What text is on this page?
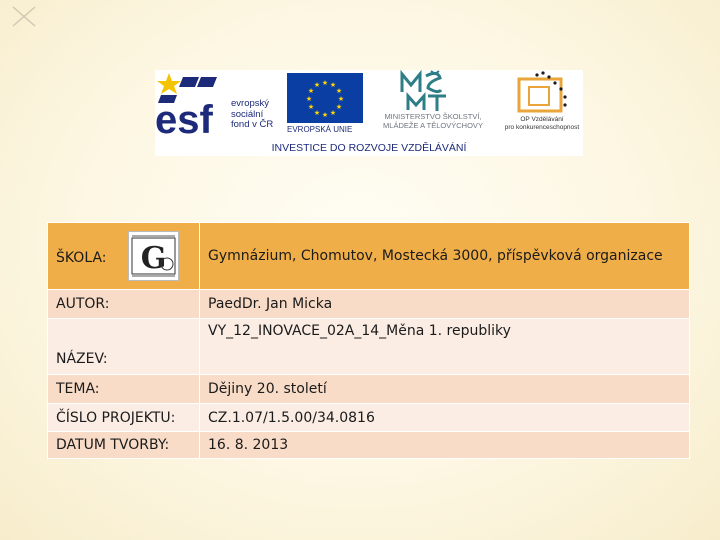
esf evropský
sociální
fond v ČR
★ ★
★
★
★
★
★
★
★
★
★
★
EVROPSKÁ UNIE
MINISTERSTVO ŠKOLSTVÍ,
MLÁDEŽE A TĚLOVÝCHOVY
OP Vzdělávání
pro konkurenceschopnost
INVESTICE DO ROZVOJE VZDĚLÁVÁNÍ
ŠKOLA: G	Gymnázium, Chomutov, Mostecká 3000, příspěvková organizace
AUTOR:	PaedDr. Jan Micka
NÁZEV:	VY_12_INOVACE_02A_14_Měna 1. republiky
TEMA:	Dějiny 20. století
ČÍSLO PROJEKTU:	CZ.1.07/1.5.00/34.0816
DATUM TVORBY:	16. 8. 2013
